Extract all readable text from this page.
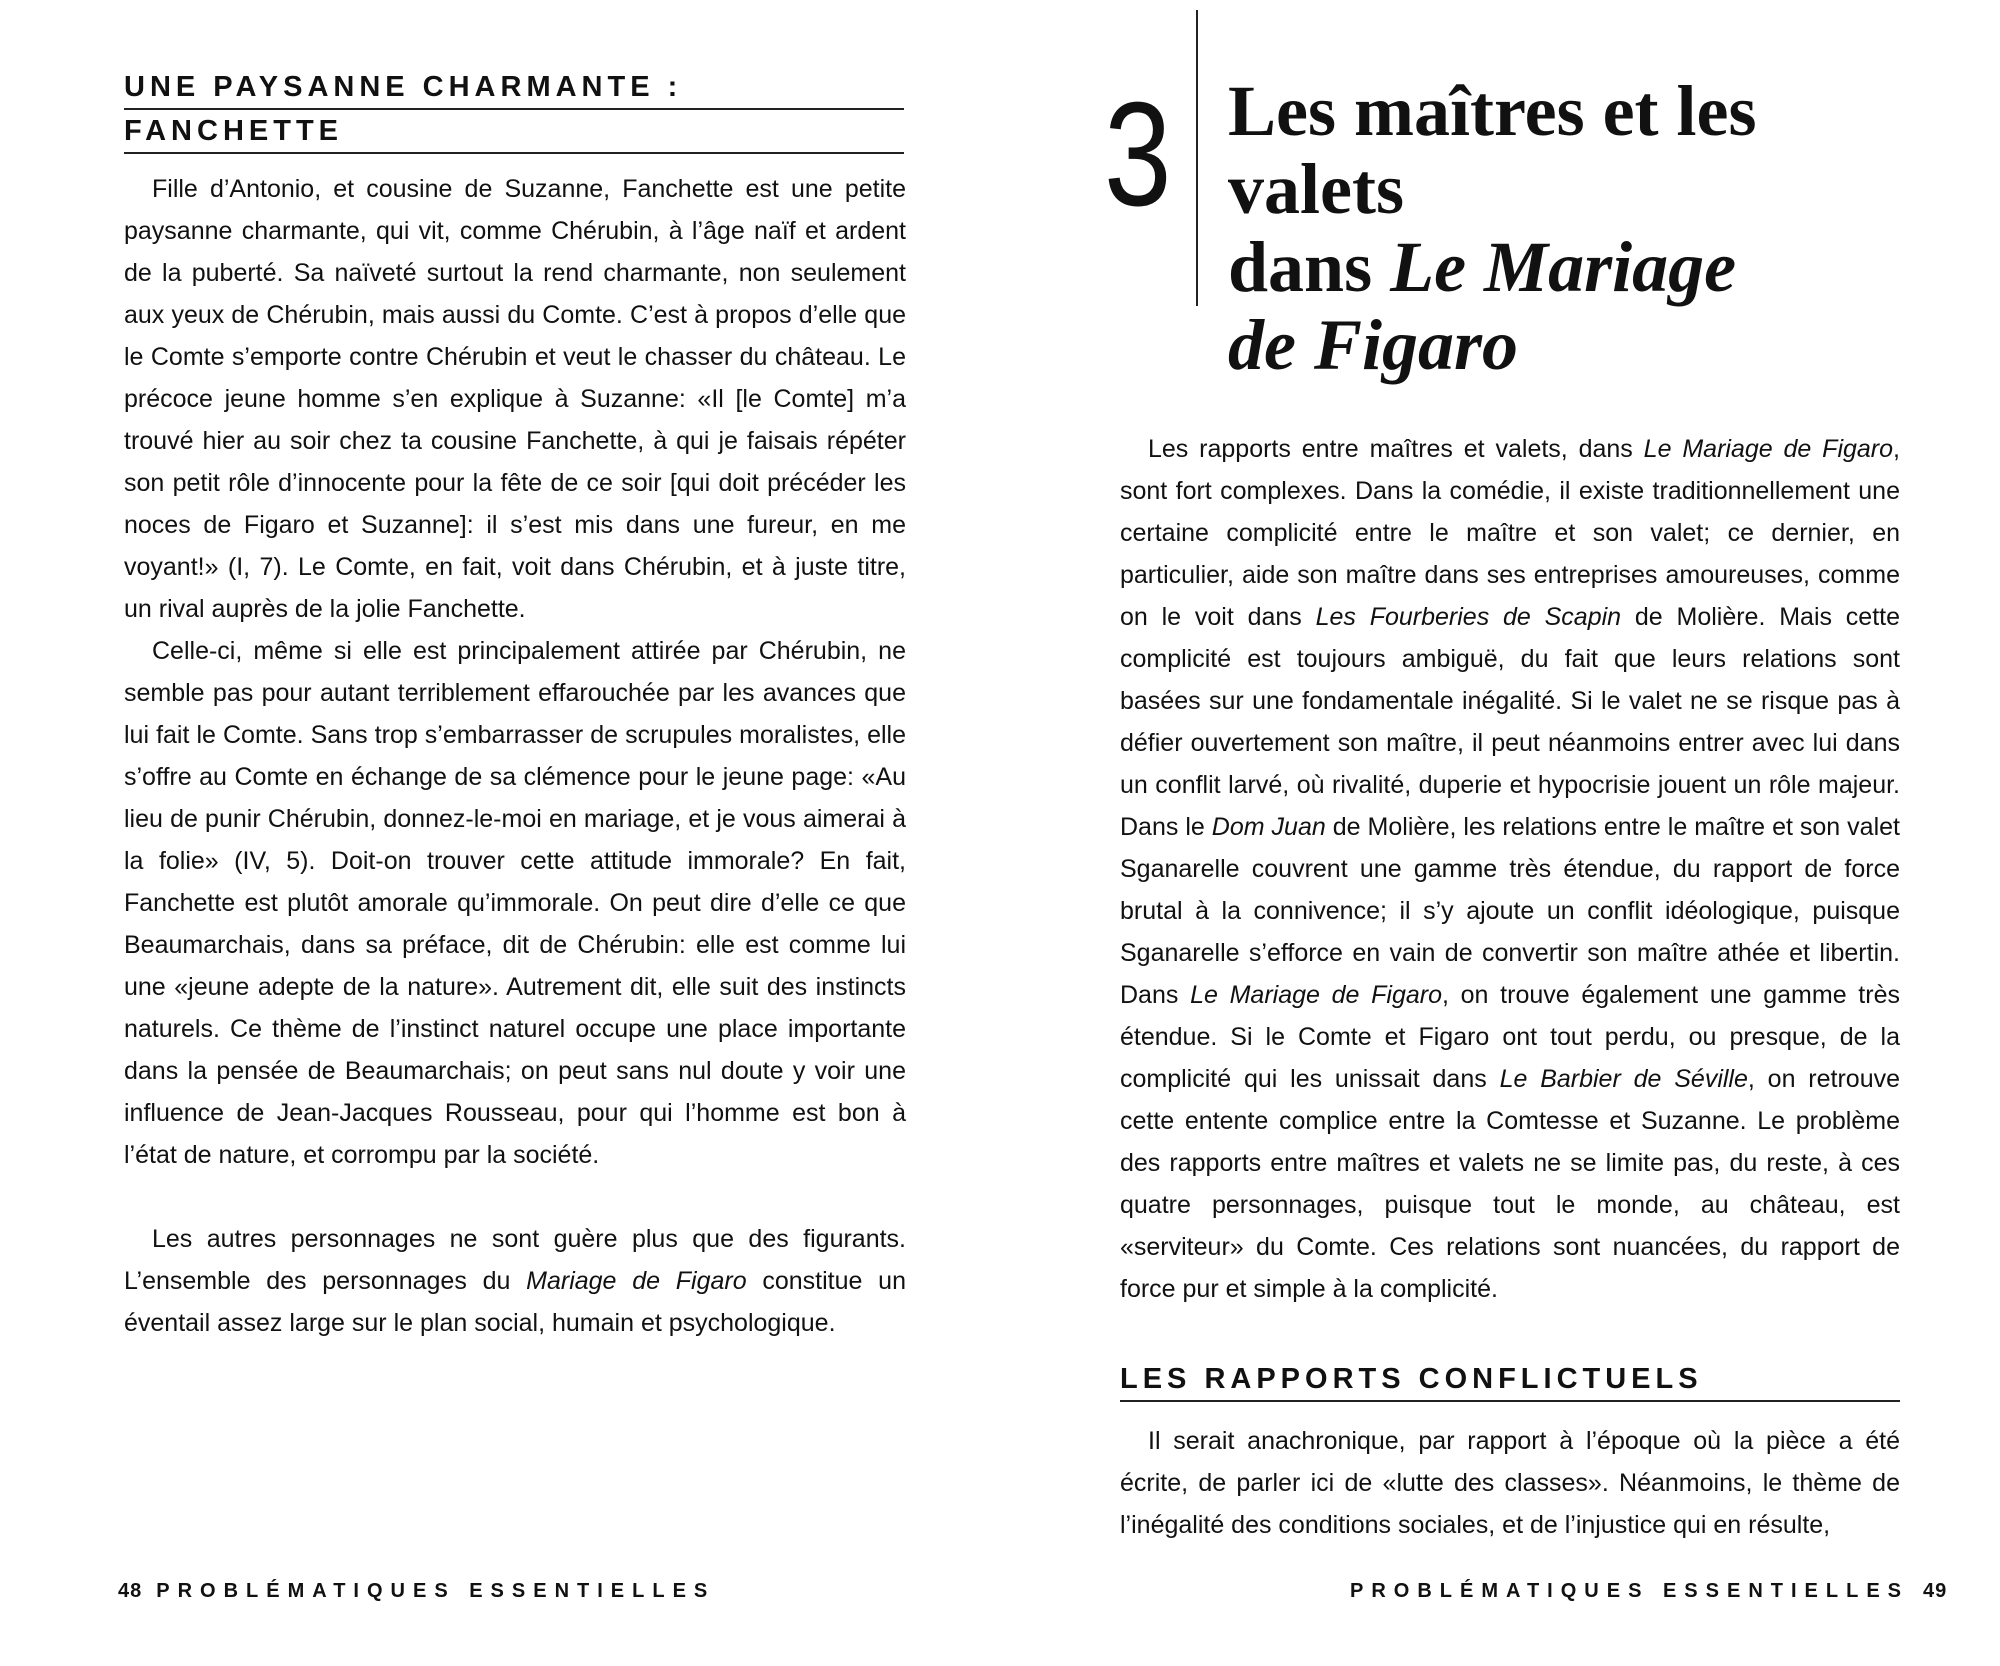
UNE PAYSANNE CHARMANTE :
FANCHETTE

Fille d’Antonio, et cousine de Suzanne, Fanchette est une petite paysanne charmante, qui vit, comme Chérubin, à l’âge naïf et ardent de la puberté. Sa naïveté surtout la rend charmante, non seulement aux yeux de Chérubin, mais aussi du Comte. C’est à propos d’elle que le Comte s’emporte contre Chérubin et veut le chasser du château. Le précoce jeune homme s’en explique à Suzanne: «Il [le Comte] m’a trouvé hier au soir chez ta cousine Fanchette, à qui je faisais répéter son petit rôle d’innocente pour la fête de ce soir [qui doit précéder les noces de Figaro et Suzanne]: il s’est mis dans une fureur, en me voyant!» (I, 7). Le Comte, en fait, voit dans Chérubin, et à juste titre, un rival auprès de la jolie Fanchette.

Celle-ci, même si elle est principalement attirée par Chérubin, ne semble pas pour autant terriblement effarouchée par les avances que lui fait le Comte. Sans trop s’embarrasser de scrupules moralistes, elle s’offre au Comte en échange de sa clémence pour le jeune page: «Au lieu de punir Chérubin, donnez-le-moi en mariage, et je vous aimerai à la folie» (IV, 5). Doit-on trouver cette attitude immorale? En fait, Fanchette est plutôt amorale qu’immorale. On peut dire d’elle ce que Beaumarchais, dans sa préface, dit de Chérubin: elle est comme lui une «jeune adepte de la nature». Autrement dit, elle suit des instincts naturels. Ce thème de l’instinct naturel occupe une place importante dans la pensée de Beaumarchais; on peut sans nul doute y voir une influence de Jean-Jacques Rousseau, pour qui l’homme est bon à l’état de nature, et corrompu par la société.

Les autres personnages ne sont guère plus que des figurants. L’ensemble des personnages du Mariage de Figaro constitue un éventail assez large sur le plan social, humain et psychologique.

48 PROBLÉMATIQUES ESSENTIELLES
3 Les maîtres et les valets
dans Le Mariage
de Figaro

Les rapports entre maîtres et valets, dans Le Mariage de Figaro, sont fort complexes. Dans la comédie, il existe traditionnellement une certaine complicité entre le maître et son valet; ce dernier, en particulier, aide son maître dans ses entreprises amoureuses, comme on le voit dans Les Fourberies de Scapin de Molière. Mais cette complicité est toujours ambiguë, du fait que leurs relations sont basées sur une fondamentale inégalité. Si le valet ne se risque pas à défier ouvertement son maître, il peut néanmoins entrer avec lui dans un conflit larvé, où rivalité, duperie et hypocrisie jouent un rôle majeur. Dans le Dom Juan de Molière, les relations entre le maître et son valet Sganarelle couvrent une gamme très étendue, du rapport de force brutal à la connivence; il s’y ajoute un conflit idéologique, puisque Sganarelle s’efforce en vain de convertir son maître athée et libertin. Dans Le Mariage de Figaro, on trouve également une gamme très étendue. Si le Comte et Figaro ont tout perdu, ou presque, de la complicité qui les unissait dans Le Barbier de Séville, on retrouve cette entente complice entre la Comtesse et Suzanne. Le problème des rapports entre maîtres et valets ne se limite pas, du reste, à ces quatre personnages, puisque tout le monde, au château, est «serviteur» du Comte. Ces relations sont nuancées, du rapport de force pur et simple à la complicité.

LES RAPPORTS CONFLICTUELS

Il serait anachronique, par rapport à l’époque où la pièce a été écrite, de parler ici de «lutte des classes». Néanmoins, le thème de l’inégalité des conditions sociales, et de l’injustice qui en résulte,

PROBLÉMATIQUES ESSENTIELLES 49
